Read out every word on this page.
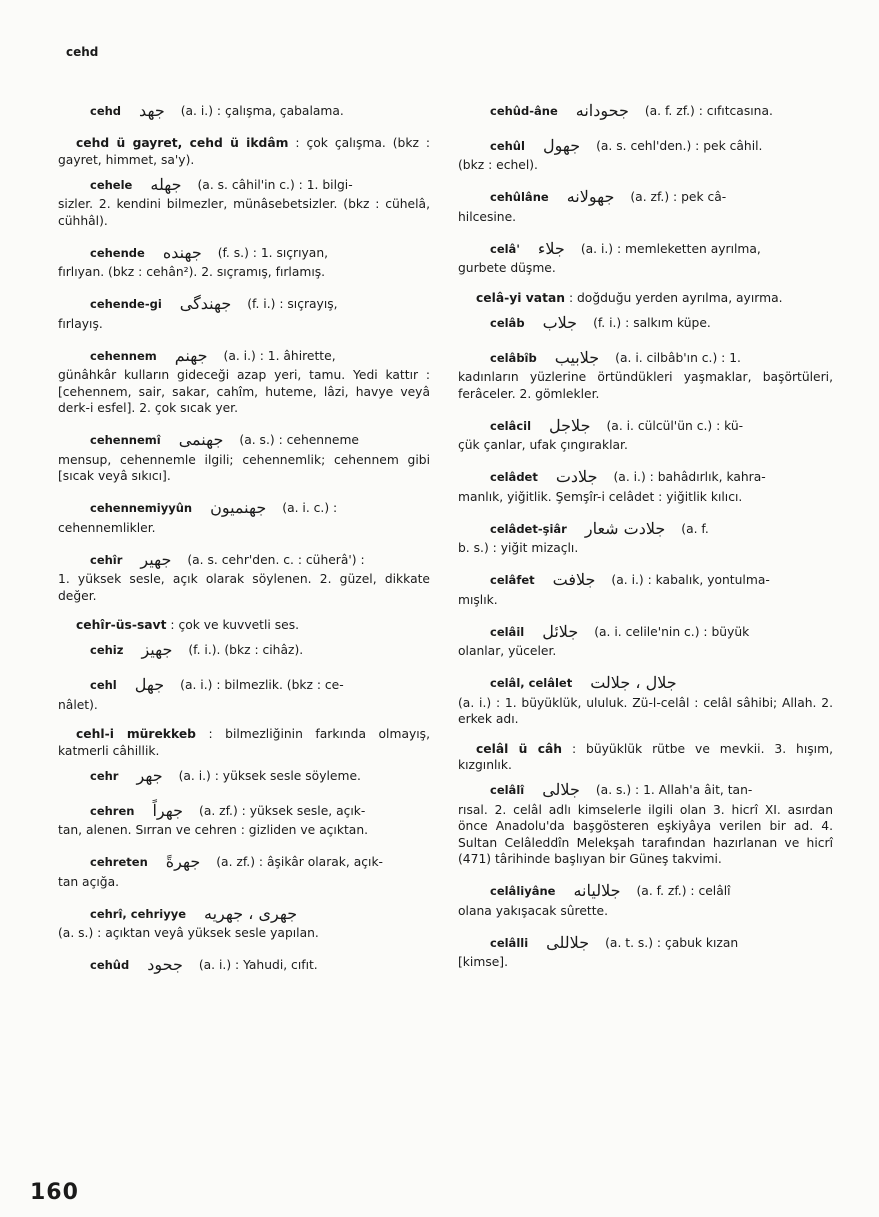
cehd
cehd جهد (a. i.) : çalışma, çabalama.
cehd ü gayret, cehd ü ikdâm : çok çalışma. (bkz : gayret, himmet, sa'y).
cehele جهله (a. s. câhil'in c.) : 1. bilgi-
sizler. 2. kendini bilmezler, münâsebetsizler. (bkz : cühelâ, cühhâl).
cehende جهنده (f. s.) : 1. sıçrıyan,
fırlıyan. (bkz : cehân²). 2. sıçramış, fırlamış.
cehende-gi جهندگی (f. i.) : sıçrayış,
fırlayış.
cehennem جهنم (a. i.) : 1. âhirette,
günâhkâr kulların gideceği azap yeri, tamu. Yedi kattır : [cehennem, sair, sakar, cahîm, huteme, lâzi, havye veyâ derk-i esfel]. 2. çok sıcak yer.
cehennemî جهنمی (a. s.) : cehenneme
mensup, cehennemle ilgili; cehennemlik; cehennem gibi [sıcak veyâ sıkıcı].
cehennemiyyûn جهنميون (a. i. c.) :
cehennemlikler.
cehîr جهير (a. s. cehr'den. c. : cüherâ') :
1. yüksek sesle, açık olarak söylenen. 2. güzel, dikkate değer.
cehîr-üs-savt : çok ve kuvvetli ses.
cehiz جهيز (f. i.). (bkz : cihâz).
cehl جهل (a. i.) : bilmezlik. (bkz : ce-
nâlet).
cehl-i mürekkeb : bilmezliğinin farkında olmayış, katmerli câhillik.
cehr جهر (a. i.) : yüksek sesle söyleme.
cehren جهراً (a. zf.) : yüksek sesle, açık-
tan, alenen. Sırran ve cehren : gizliden ve açıktan.
cehreten جهرةً (a. zf.) : âşikâr olarak, açık-
tan açığa.
cehrî, cehriyye جهری ، جهریه
(a. s.) : açıktan veyâ yüksek sesle yapılan.
cehûd جحود (a. i.) : Yahudi, cıfıt.
cehûd-âne جحودانه (a. f. zf.) : cıfıtcasına.
cehûl جهول (a. s. cehl'den.) : pek câhil.
(bkz : echel).
cehûlâne جهولانه (a. zf.) : pek câ-
hilcesine.
celâ' جلاء (a. i.) : memleketten ayrılma,
gurbete düşme.
celâ-yi vatan : doğduğu yerden ayrılma, ayırma.
celâb جلاب (f. i.) : salkım küpe.
celâbîb جلابيب (a. i. cilbâb'ın c.) : 1.
kadınların yüzlerine örtündükleri yaşmaklar, başörtüleri, ferâceler. 2. gömlekler.
celâcil جلاجل (a. i. cülcül'ün c.) : kü-
çük çanlar, ufak çıngıraklar.
celâdet جلادت (a. i.) : bahâdırlık, kahra-
manlık, yiğitlik. Şemşîr-i celâdet : yiğitlik kılıcı.
celâdet-şiâr جلادت شعار (a. f.
b. s.) : yiğit mizaçlı.
celâfet جلافت (a. i.) : kabalık, yontulma-
mışlık.
celâil جلائل (a. i. celile'nin c.) : büyük
olanlar, yüceler.
celâl, celâlet جلال ، جلالت
(a. i.) : 1. büyüklük, ululuk. Zü-l-celâl : celâl sâhibi; Allah. 2. erkek adı.
celâl ü câh : büyüklük rütbe ve mevkii. 3. hışım, kızgınlık.
celâlî جلالی (a. s.) : 1. Allah'a âit, tan-
rısal. 2. celâl adlı kimselerle ilgili olan 3. hicrî XI. asırdan önce Anadolu'da başgösteren eşkiyâya verilen bir ad. 4. Sultan Celâleddîn Melekşah tarafından hazırlanan ve hicrî (471) târihinde başlıyan bir Güneş takvimi.
celâliyâne جلاليانه (a. f. zf.) : celâlî
olana yakışacak sûrette.
celâlli جلاللی (a. t. s.) : çabuk kızan
[kimse].
160
